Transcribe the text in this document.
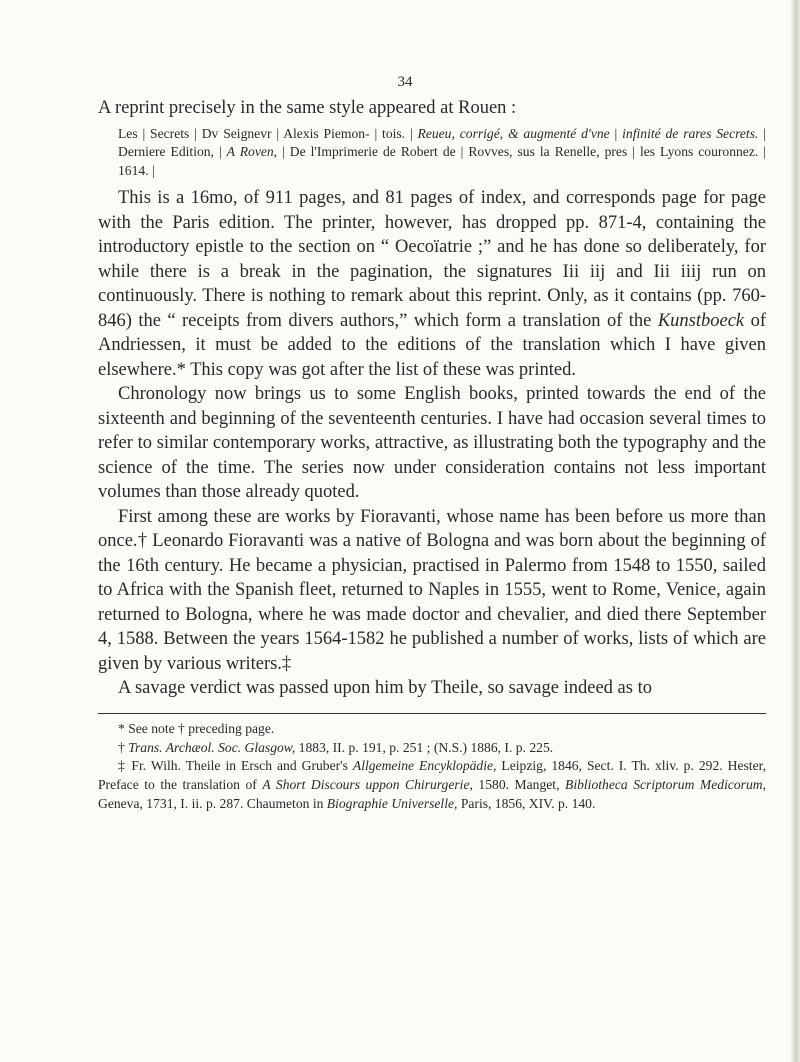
34

A reprint precisely in the same style appeared at Rouen :

Les | Secrets | Dv Seignevr | Alexis Piemon- | tois. | Reueu, corrigé, & augmenté d'vne | infinité de rares Secrets. | Derniere Edition, | A Roven, | De l'Imprimerie de Robert de | Rovves, sus la Renelle, pres | les Lyons couronnez. | 1614. |

This is a 16mo, of 911 pages, and 81 pages of index, and corresponds page for page with the Paris edition. The printer, however, has dropped pp. 871-4, containing the introductory epistle to the section on “ Oecoïatrie ;” and he has done so deliberately, for while there is a break in the pagination, the signatures Iii iij and Iii iiij run on continuously. There is nothing to remark about this reprint. Only, as it contains (pp. 760-846) the “ receipts from divers authors,” which form a translation of the Kunstboeck of Andriessen, it must be added to the editions of the translation which I have given elsewhere.* This copy was got after the list of these was printed.

Chronology now brings us to some English books, printed towards the end of the sixteenth and beginning of the seventeenth centuries. I have had occasion several times to refer to similar contemporary works, attractive, as illustrating both the typography and the science of the time. The series now under consideration contains not less important volumes than those already quoted.

First among these are works by Fioravanti, whose name has been before us more than once.† Leonardo Fioravanti was a native of Bologna and was born about the beginning of the 16th century. He became a physician, practised in Palermo from 1548 to 1550, sailed to Africa with the Spanish fleet, returned to Naples in 1555, went to Rome, Venice, again returned to Bologna, where he was made doctor and chevalier, and died there September 4, 1588. Between the years 1564-1582 he published a number of works, lists of which are given by various writers.‡

A savage verdict was passed upon him by Theile, so savage indeed as to

* See note † preceding page.

† Trans. Archæol. Soc. Glasgow, 1883, II. p. 191, p. 251 ; (N.S.) 1886, I. p. 225.

‡ Fr. Wilh. Theile in Ersch and Gruber's Allgemeine Encyklopädie, Leipzig, 1846, Sect. I. Th. xliv. p. 292. Hester, Preface to the translation of A Short Discours uppon Chirurgerie, 1580. Manget, Bibliotheca Scriptorum Medicorum, Geneva, 1731, I. ii. p. 287. Chaumeton in Biographie Universelle, Paris, 1856, XIV. p. 140.
